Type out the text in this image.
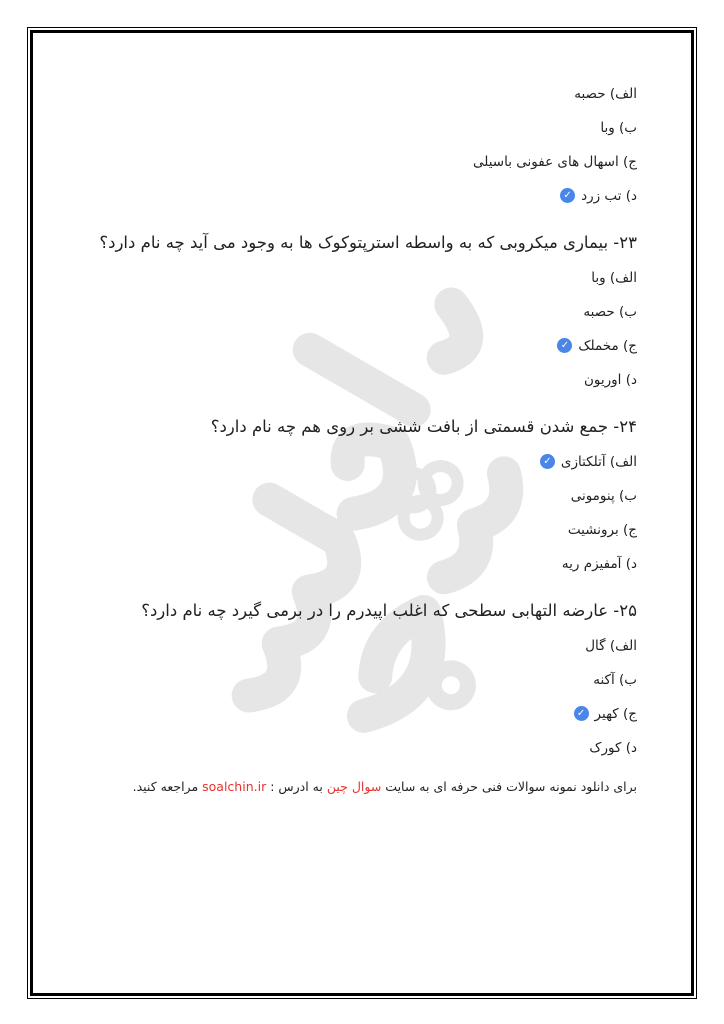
الف) حصبه
ب) وبا
ج) اسهال های عفونی باسیلی
د) تب زرد✓
۲۳- بیماری میکروبی که به واسطه استرپتوکوک ها به وجود می آید چه نام دارد؟
الف) وبا
ب) حصبه
ج) مخملک✓
د) اوریون
۲۴- جمع شدن قسمتی از بافت ششی بر روی هم چه نام دارد؟
الف) آتلکتازی✓
ب) پنومونی
ج) برونشیت
د) آمفیزم ریه
۲۵- عارضه التهابی سطحی که اغلب اپیدرم را در برمی گیرد چه نام دارد؟
الف) گال
ب) آکنه
ج) کهیر✓
د) کورک
برای دانلود نمونه سوالات فنی حرفه ای به سایت سوال چین به ادرس : soalchin.ir مراجعه کنید.
